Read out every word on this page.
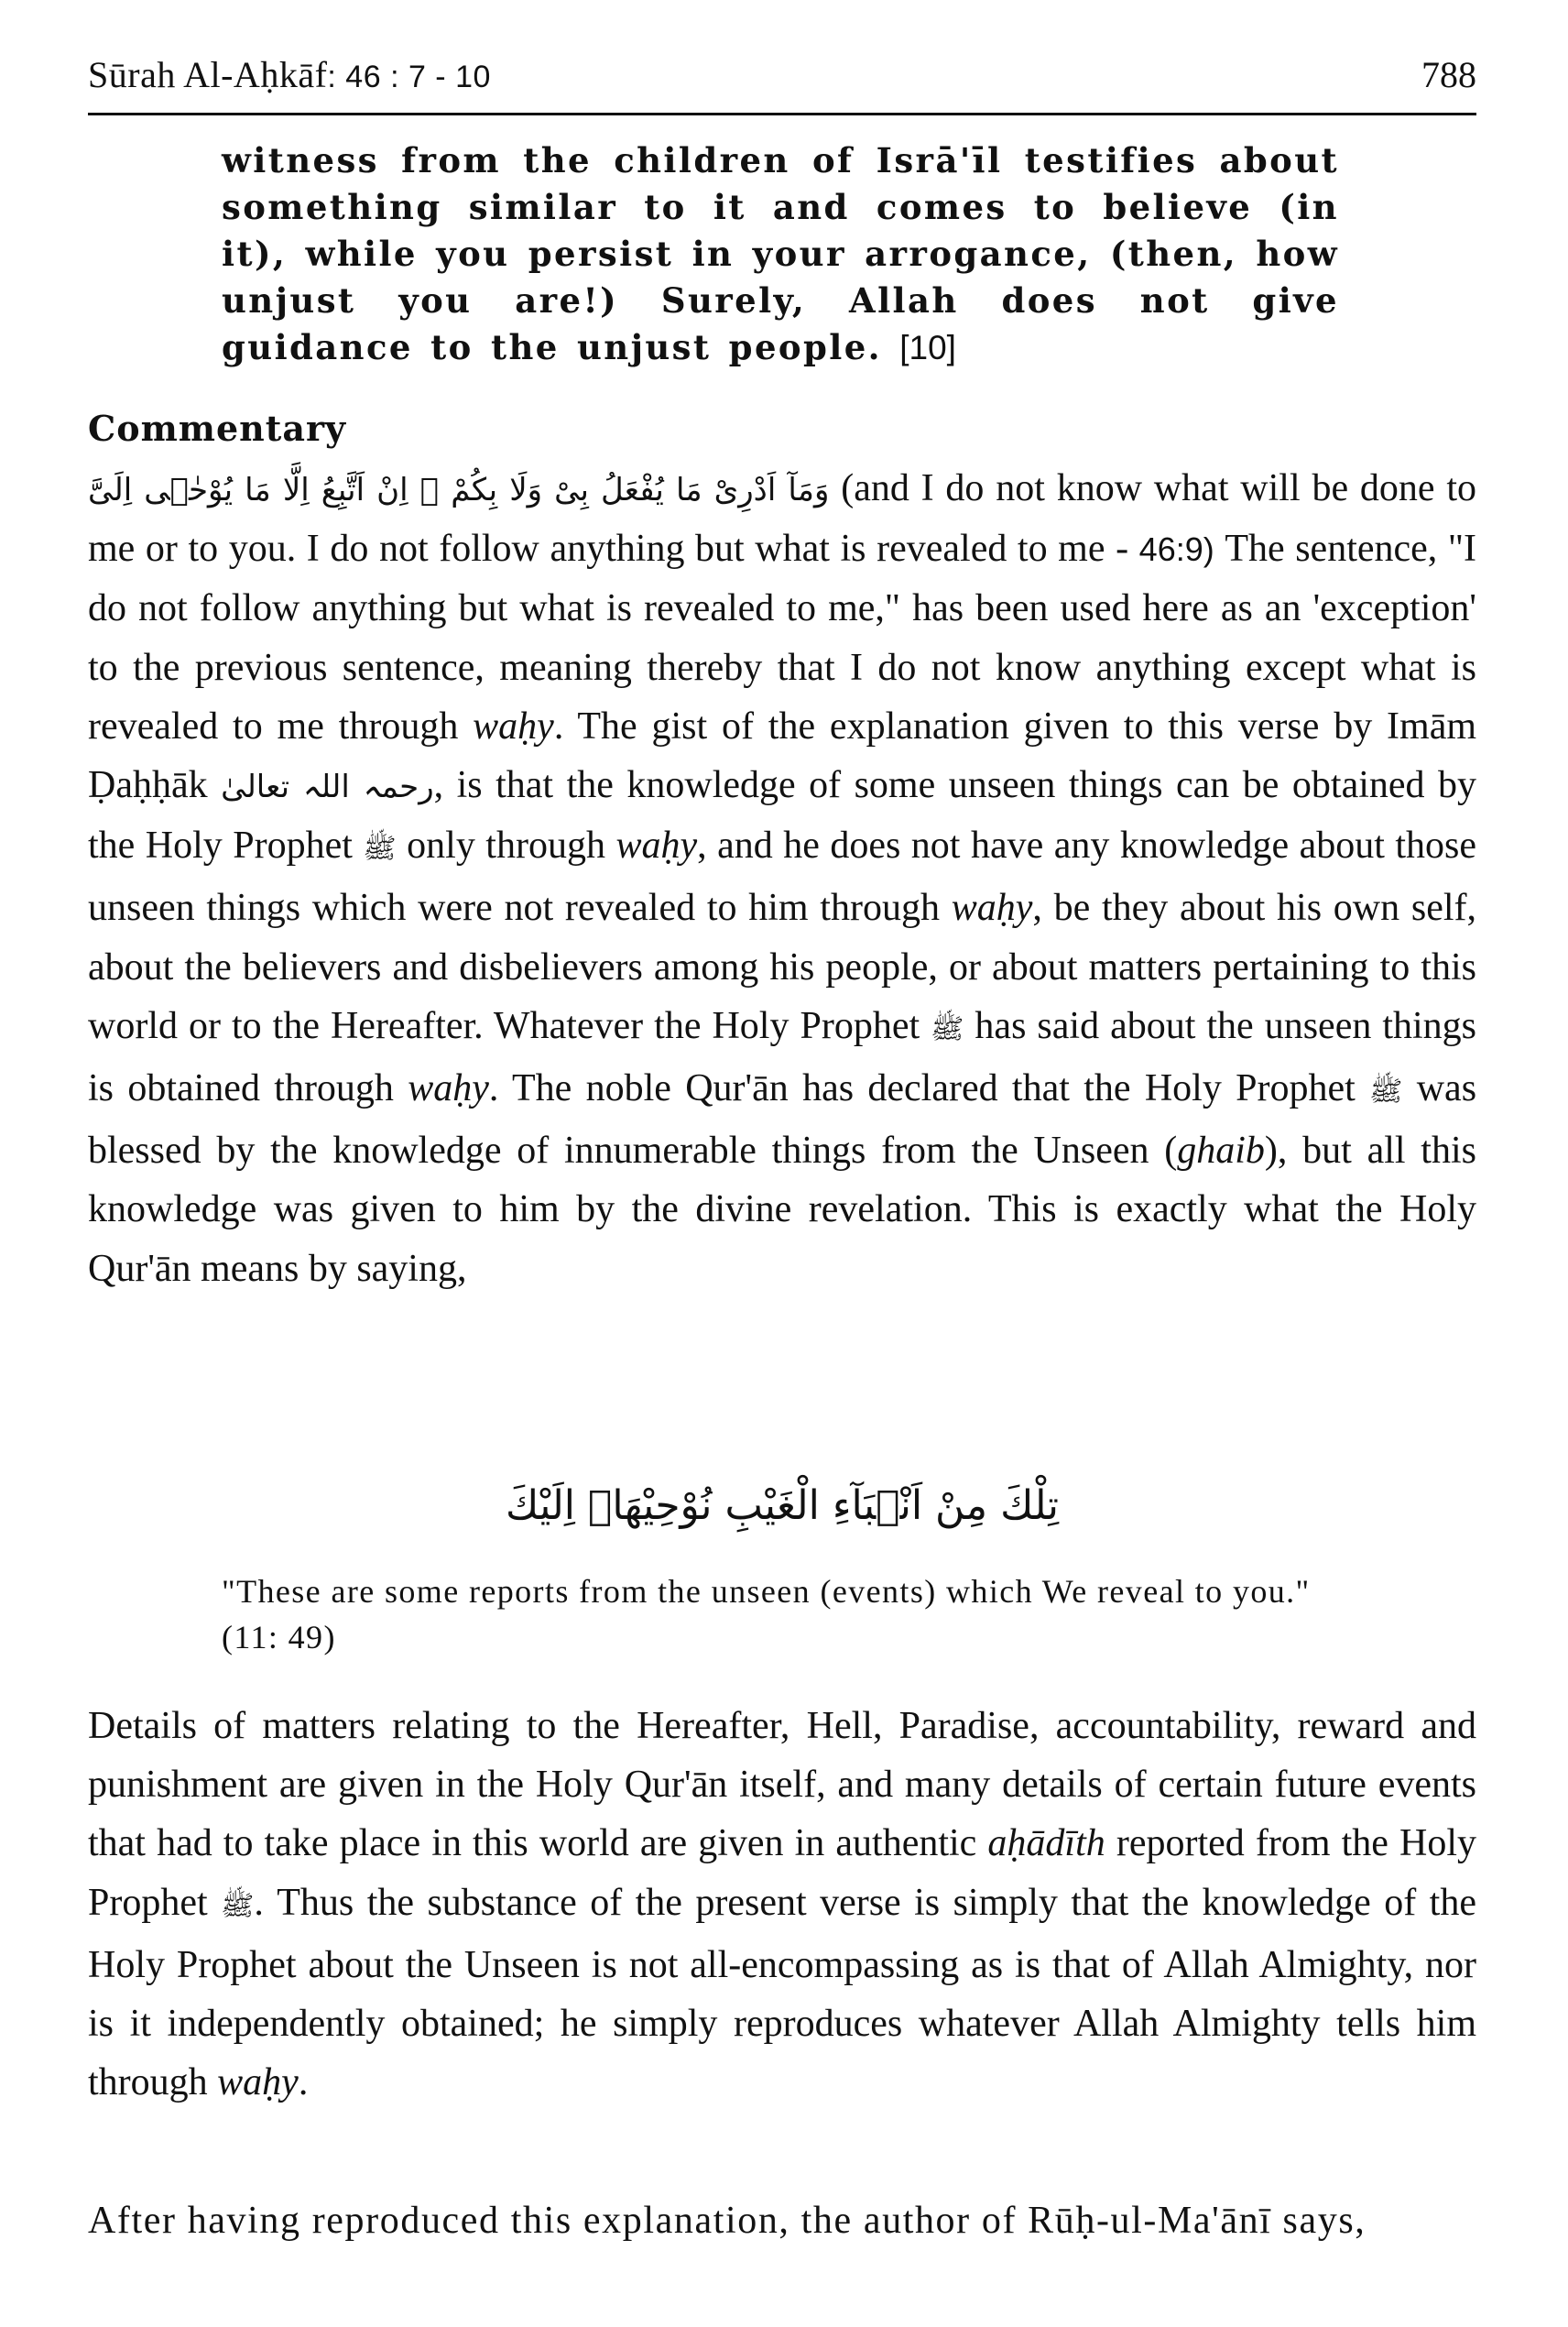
Sūrah Al-Aḥkāf: 46 : 7 - 10	788
witness from the children of Isrā'īl testifies about something similar to it and comes to believe (in it), while you persist in your arrogance, (then, how unjust you are!) Surely, Allah does not give guidance to the unjust people. [10]
Commentary
وَمَآ اَدْرِیْ مَا یُفْعَلُ بِیْ وَلَا بِكُمْ ۗ اِنْ اَتَّبِعُ اِلَّا مَا یُوْحٰۤى اِلَیَّ (and I do not know what will be done to me or to you. I do not follow anything but what is revealed to me - 46:9) The sentence, "I do not follow anything but what is revealed to me," has been used here as an 'exception' to the previous sentence, meaning thereby that I do not know anything except what is revealed to me through waḥy. The gist of the explanation given to this verse by Imām Ḍaḥḥāk رحمہ اللہ تعالیٰ, is that the knowledge of some unseen things can be obtained by the Holy Prophet ﷺ only through waḥy, and he does not have any knowledge about those unseen things which were not revealed to him through waḥy, be they about his own self, about the believers and disbelievers among his people, or about matters pertaining to this world or to the Hereafter. Whatever the Holy Prophet ﷺ has said about the unseen things is obtained through waḥy. The noble Qur'ān has declared that the Holy Prophet ﷺ was blessed by the knowledge of innumerable things from the Unseen (ghaib), but all this knowledge was given to him by the divine revelation. This is exactly what the Holy Qur'ān means by saying,
تِلْكَ مِنْ اَنْۢبَآءِ الْغَیْبِ نُوْحِیْهَاۤ اِلَیْكَ
"These are some reports from the unseen (events) which We reveal to you." (11: 49)
Details of matters relating to the Hereafter, Hell, Paradise, accountability, reward and punishment are given in the Holy Qur'ān itself, and many details of certain future events that had to take place in this world are given in authentic aḥādīth reported from the Holy Prophet ﷺ. Thus the substance of the present verse is simply that the knowledge of the Holy Prophet about the Unseen is not all-encompassing as is that of Allah Almighty, nor is it independently obtained; he simply reproduces whatever Allah Almighty tells him through waḥy.
After having reproduced this explanation, the author of Rūḥ-ul-Ma'ānī says,
